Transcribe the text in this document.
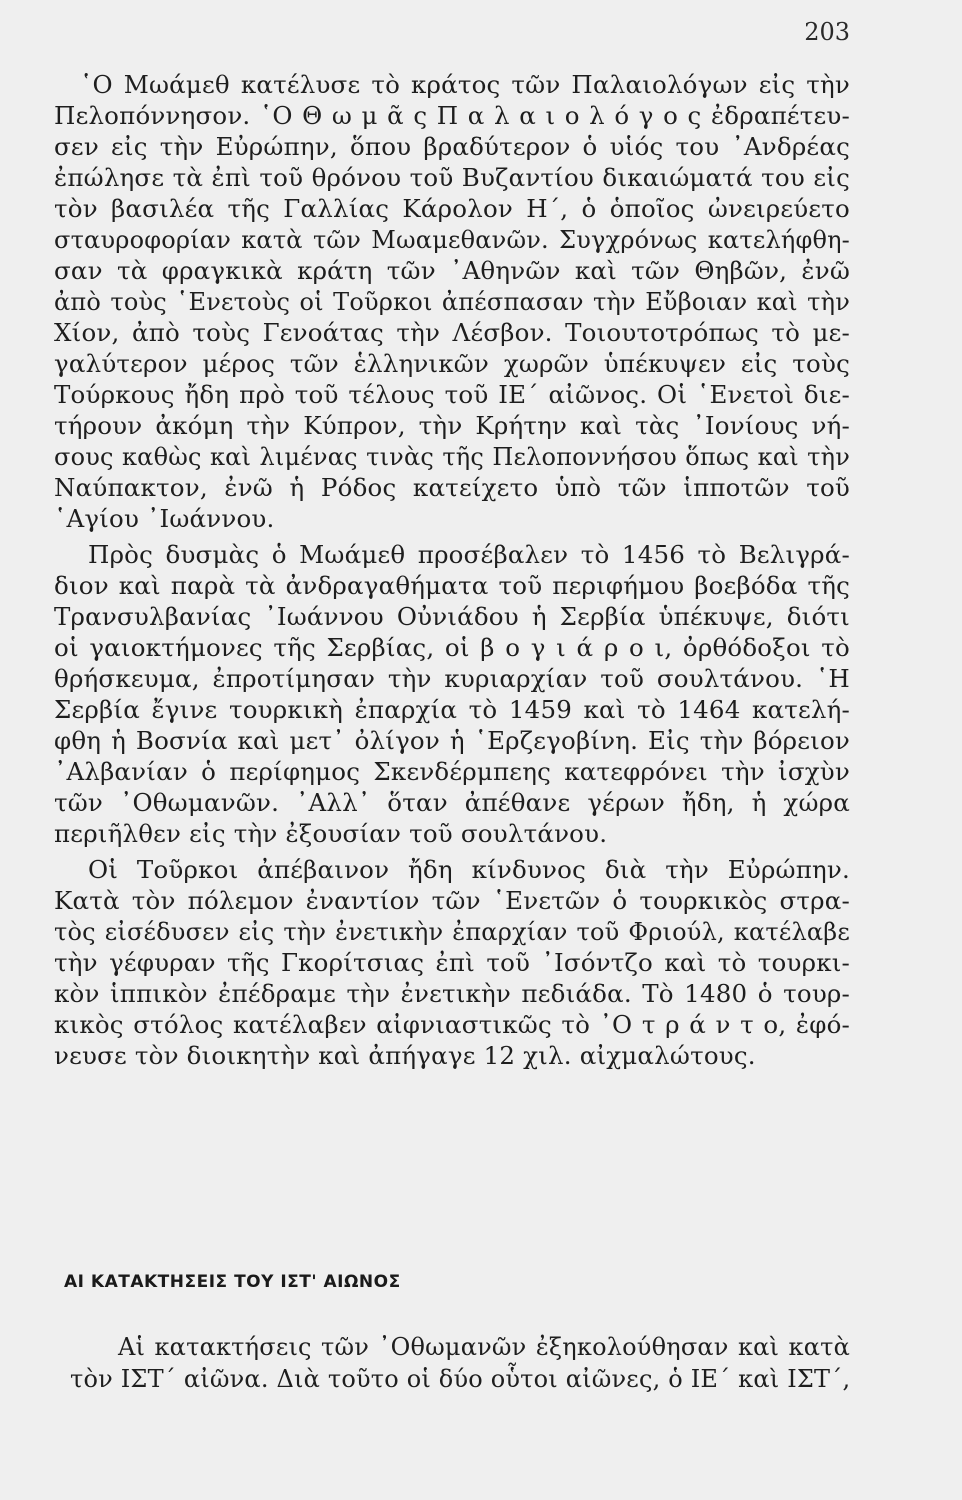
203
῾Ο Μωάμεθ κατέλυσε τὸ κράτος τῶν Παλαιολόγων εἰς τὴν
Πελοπόννησον. ῾Ο Θ ω μ ᾶ ς Π α λ α ι ο λ ό γ ο ς ἐδραπέτευ-
σεν εἰς τὴν Εὐρώπην, ὅπου βραδύτερον ὁ υἱός του ᾿Ανδρέας
ἐπώλησε τὰ ἐπὶ τοῦ θρόνου τοῦ Βυζαντίου δικαιώματά του εἰς
τὸν βασιλέα τῆς Γαλλίας Κάρολον Η΄, ὁ ὁποῖος ὠνειρεύετο
σταυροφορίαν κατὰ τῶν Μωαμεθανῶν. Συγχρόνως κατελήφθη-
σαν τὰ φραγκικὰ κράτη τῶν ᾿Αθηνῶν καὶ τῶν Θηβῶν, ἐνῶ
ἀπὸ τοὺς ῾Ενετοὺς οἱ Τοῦρκοι ἀπέσπασαν τὴν Εὔβοιαν καὶ τὴν
Χίον, ἀπὸ τοὺς Γενοάτας τὴν Λέσβον. Τοιουτοτρόπως τὸ με-
γαλύτερον μέρος τῶν ἑλληνικῶν χωρῶν ὑπέκυψεν εἰς τοὺς
Τούρκους ἤδη πρὸ τοῦ τέλους τοῦ ΙΕ΄ αἰῶνος. Οἱ ῾Ενετοὶ διε-
τήρουν ἀκόμη τὴν Κύπρον, τὴν Κρήτην καὶ τὰς ᾿Ιονίους νή-
σους καθὼς καὶ λιμένας τινὰς τῆς Πελοποννήσου ὅπως καὶ τὴν
Ναύπακτον, ἐνῶ ἡ Ρόδος κατείχετο ὑπὸ τῶν ἱπποτῶν τοῦ
῾Αγίου ᾿Ιωάννου.
Πρὸς δυσμὰς ὁ Μωάμεθ προσέβαλεν τὸ 1456 τὸ Βελιγρά-
διον καὶ παρὰ τὰ ἀνδραγαθήματα τοῦ περιφήμου βοεβόδα τῆς
Τρανσυλβανίας ᾿Ιωάννου Οὐνιάδου ἡ Σερβία ὑπέκυψε, διότι
οἱ γαιοκτήμονες τῆς Σερβίας, οἱ β ο γ ι ά ρ ο ι, ὀρθόδοξοι τὸ
θρήσκευμα, ἐπροτίμησαν τὴν κυριαρχίαν τοῦ σουλτάνου. ῾Η
Σερβία ἔγινε τουρκικὴ ἐπαρχία τὸ 1459 καὶ τὸ 1464 κατελή-
φθη ἡ Βοσνία καὶ μετ᾿ ὀλίγον ἡ ῾Ερζεγοβίνη. Εἰς τὴν βόρειον
᾿Αλβανίαν ὁ περίφημος Σκενδέρμπεης κατεφρόνει τὴν ἰσχὺν
τῶν ᾿Οθωμανῶν. ᾿Αλλ᾿ ὅταν ἀπέθανε γέρων ἤδη, ἡ χώρα
περιῆλθεν εἰς τὴν ἐξουσίαν τοῦ σουλτάνου.
Οἱ Τοῦρκοι ἀπέβαινον ἤδη κίνδυνος διὰ τὴν Εὐρώπην.
Κατὰ τὸν πόλεμον ἐναντίον τῶν ῾Ενετῶν ὁ τουρκικὸς στρα-
τὸς εἰσέδυσεν εἰς τὴν ἐνετικὴν ἐπαρχίαν τοῦ Φριούλ, κατέλαβε
τὴν γέφυραν τῆς Γκορίτσιας ἐπὶ τοῦ ᾿Ισόντζο καὶ τὸ τουρκι-
κὸν ἱππικὸν ἐπέδραμε τὴν ἐνετικὴν πεδιάδα. Τὸ 1480 ὁ τουρ-
κικὸς στόλος κατέλαβεν αἰφνιαστικῶς τὸ ᾿Ο τ ρ ά ν τ ο, ἐφό-
νευσε τὸν διοικητὴν καὶ ἀπήγαγε 12 χιλ. αἰχμαλώτους.
ΑΙ ΚΑΤΑΚΤΗΣΕΙΣ ΤΟΥ ΙΣΤ' ΑΙΩΝΟΣ
Αἱ κατακτήσεις τῶν ᾿Οθωμανῶν ἐξηκολούθησαν καὶ κατὰ
τὸν ΙΣΤ΄ αἰῶνα. Διὰ τοῦτο οἱ δύο οὗτοι αἰῶνες, ὁ ΙΕ΄ καὶ ΙΣΤ΄,
